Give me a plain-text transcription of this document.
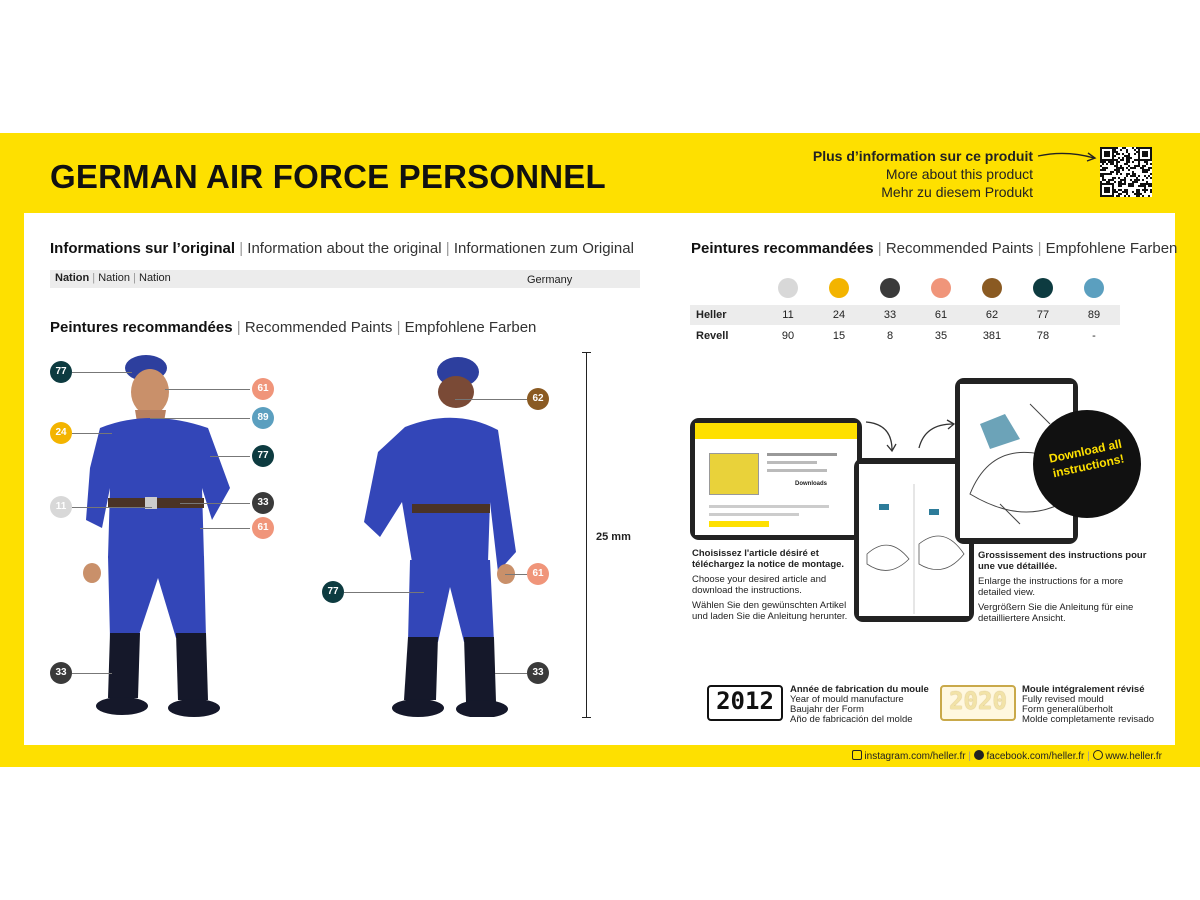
GERMAN AIR FORCE PERSONNEL
Plus d’information sur ce produit
More about this product
Mehr zu diesem Produkt
Informations sur l’original | Information about the original | Informationen zum Original
Nation | Nation | Nation	Germany
Peintures recommandées | Recommended Paints | Empfohlene Farben
77
61
89
24
77
11	33
61
33
62
61
77
33
25 mm
Peintures recommandées | Recommended Paints | Empfohlene Farben
Heller	11	24	33	61	62	77	89
Revell	90	15	8	35	381	78	-
Downloads
Download all instructions!

Choisissez l'article désiré et téléchargez la notice de montage.

Choose your desired article and download the instructions.

Wählen Sie den gewünschten Artikel und laden Sie die Anleitung herunter.

Grossissement des instructions pour une vue détaillée.

Enlarge the instructions for a more detailed view.

Vergrößern Sie die Anleitung für eine detailliertere Ansicht.

2012	Année de fabrication du moule
Year of mould manufacture
Baujahr der Form
Año de fabricación del molde
2020	Moule intégralement révisé
Fully revised mould
Form generalüberholt
Molde completamente revisado
instagram.com/heller.fr | facebook.com/heller.fr | www.heller.fr
